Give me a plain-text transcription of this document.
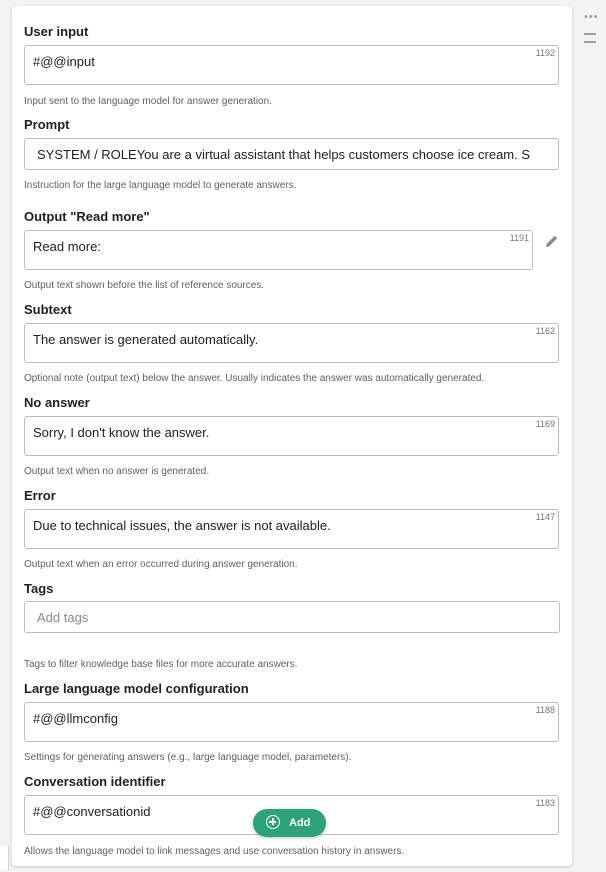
•••
User input
#@@input
1192
Input sent to the language model for answer generation.
Prompt
SYSTEM / ROLEYou are a virtual assistant that helps customers choose ice cream. S
Instruction for the large language model to generate answers.
Output "Read more"
Read more:
1191
Output text shown before the list of reference sources.
Subtext
The answer is generated automatically.
1162
Optional note (output text) below the answer. Usually indicates the answer was automatically generated.
No answer
Sorry, I don't know the answer.
1169
Output text when no answer is generated.
Error
Due to technical issues, the answer is not available.
1147
Output text when an error occurred during answer generation.
Tags
Add tags
Tags to filter knowledge base files for more accurate answers.
Large language model configuration
#@@llmconfig
1188
Settings for generating answers (e.g., large language model, parameters).
Conversation identifier
#@@conversationid
1183
Allows the language model to link messages and use conversation history in answers.
Add
